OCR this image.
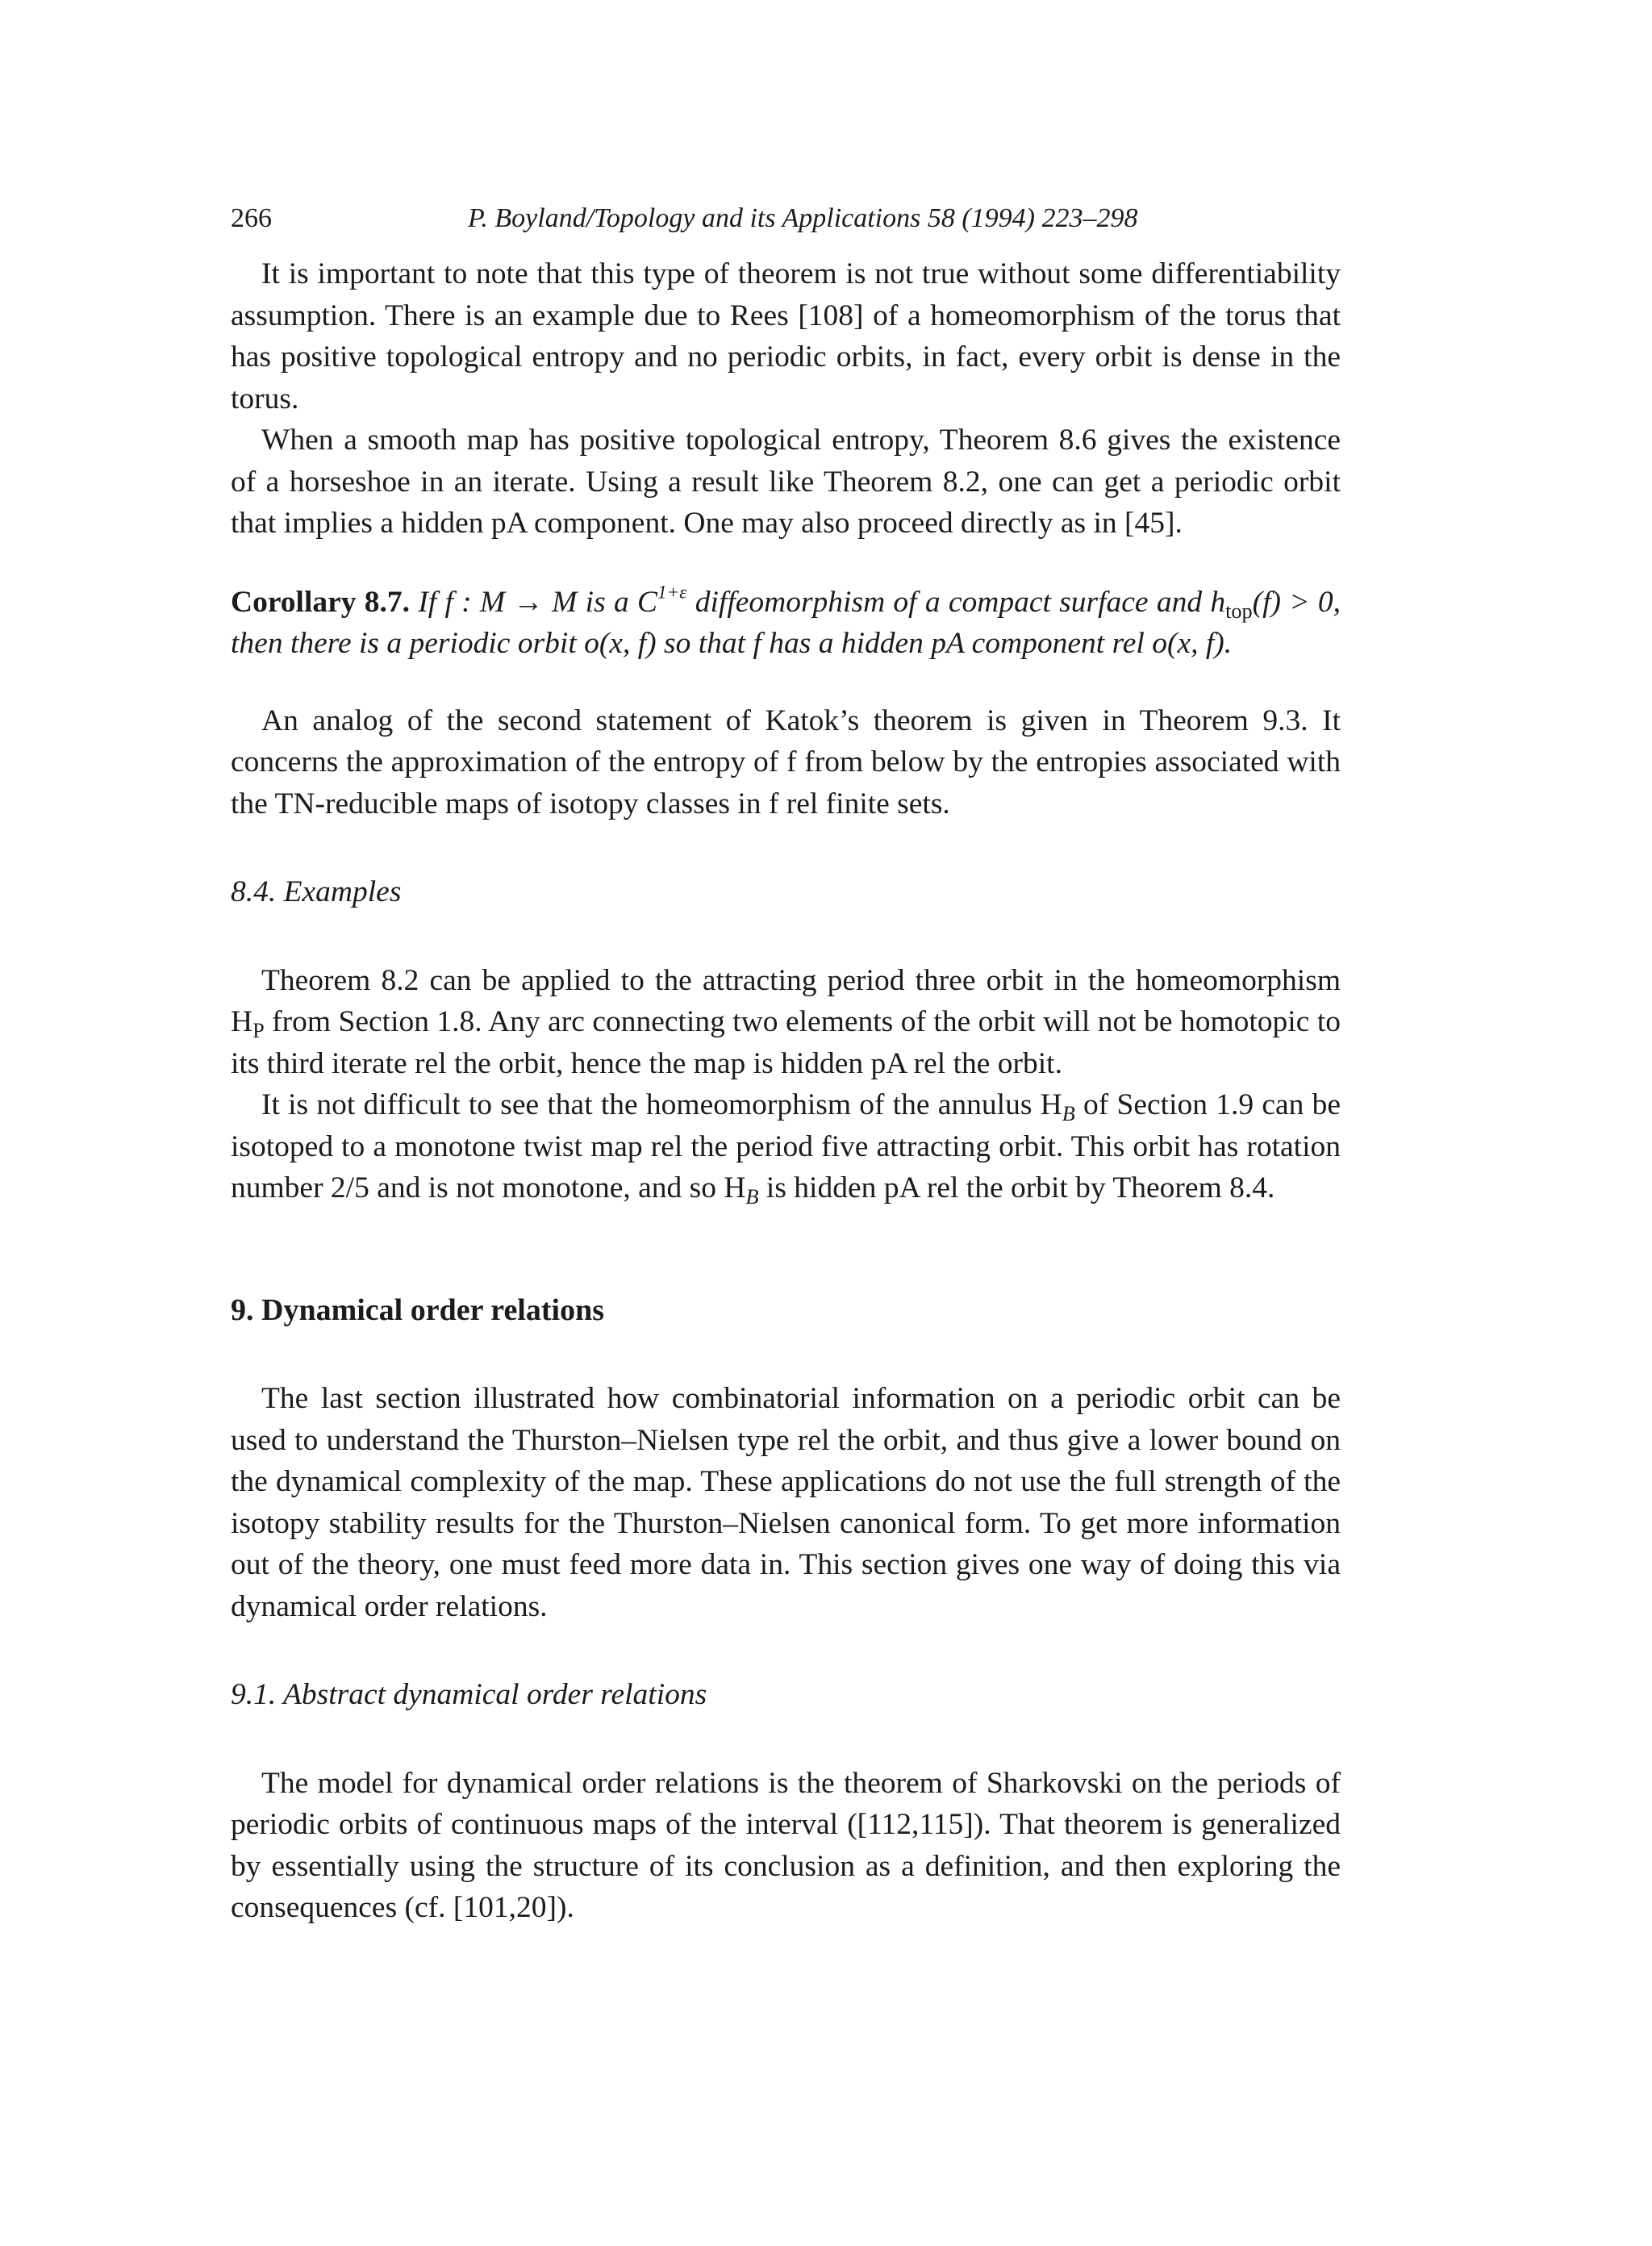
266	P. Boyland/Topology and its Applications 58 (1994) 223–298

It is important to note that this type of theorem is not true without some differentiability assumption. There is an example due to Rees [108] of a homeomorphism of the torus that has positive topological entropy and no periodic orbits, in fact, every orbit is dense in the torus.

When a smooth map has positive topological entropy, Theorem 8.6 gives the existence of a horseshoe in an iterate. Using a result like Theorem 8.2, one can get a periodic orbit that implies a hidden pA component. One may also proceed directly as in [45].

Corollary 8.7. If f : M → M is a $C^{1+\varepsilon}$ diffeomorphism of a compact surface and $h_{top}(f) > 0$, then there is a periodic orbit o(x, f) so that f has a hidden pA component rel o(x, f).

An analog of the second statement of Katok’s theorem is given in Theorem 9.3. It concerns the approximation of the entropy of f from below by the entropies associated with the TN-reducible maps of isotopy classes in f rel finite sets.

8.4. Examples

Theorem 8.2 can be applied to the attracting period three orbit in the homeomorphism $H_P$ from Section 1.8. Any arc connecting two elements of the orbit will not be homotopic to its third iterate rel the orbit, hence the map is hidden pA rel the orbit.

It is not difficult to see that the homeomorphism of the annulus $H_B$ of Section 1.9 can be isotoped to a monotone twist map rel the period five attracting orbit. This orbit has rotation number 2/5 and is not monotone, and so $H_B$ is hidden pA rel the orbit by Theorem 8.4.

9. Dynamical order relations

The last section illustrated how combinatorial information on a periodic orbit can be used to understand the Thurston–Nielsen type rel the orbit, and thus give a lower bound on the dynamical complexity of the map. These applications do not use the full strength of the isotopy stability results for the Thurston–Nielsen canonical form. To get more information out of the theory, one must feed more data in. This section gives one way of doing this via dynamical order relations.

9.1. Abstract dynamical order relations

The model for dynamical order relations is the theorem of Sharkovski on the periods of periodic orbits of continuous maps of the interval ([112,115]). That theorem is generalized by essentially using the structure of its conclusion as a definition, and then exploring the consequences (cf. [101,20]).
